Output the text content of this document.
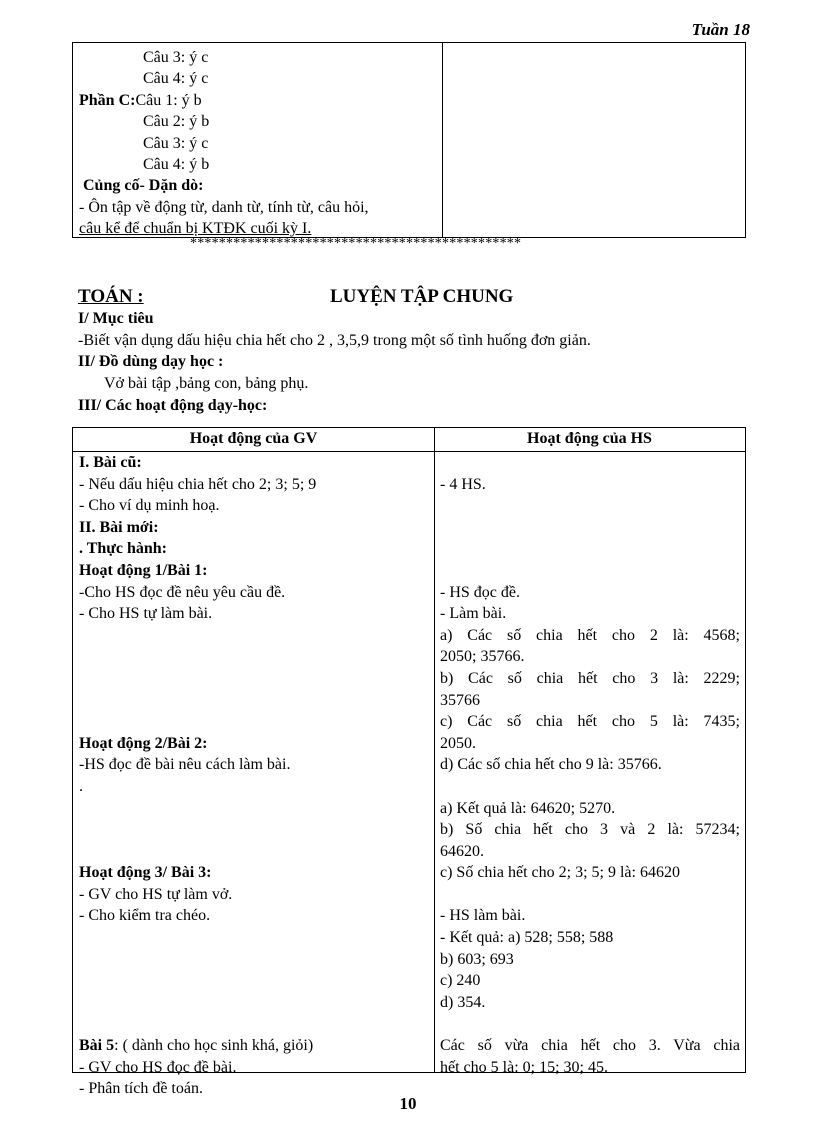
Tuần 18
Câu 3: ý c
Câu 4: ý c
Phần C:Câu 1: ý b
Câu 2: ý b
Câu 3: ý c
Câu 4: ý b
Củng cố- Dặn dò:
- Ôn tập về động từ, danh từ, tính từ, câu hỏi,
câu kể để chuẩn bị KTĐK cuối kỳ I.
**********************************************
TOÁN :	LUYỆN TẬP CHUNG
I/ Mục tiêu
-Biết vận dụng dấu hiệu chia hết cho 2 , 3,5,9 trong một số tình huống đơn giản.
II/ Đồ dùng dạy học :
Vở bài tập ,bảng con, bảng phụ.
III/ Các hoạt động dạy-học:
Hoạt động của GV	Hoạt động của HS
I. Bài cũ:
- Nếu dấu hiệu chia hết cho 2; 3; 5; 9
- Cho ví dụ minh hoạ.
II. Bài mới:
. Thực hành:
Hoạt động 1/Bài 1:
-Cho HS đọc đề nêu yêu cầu đề.
- Cho HS tự làm bài.
Hoạt động 2/Bài 2:
-HS đọc đề bài nêu cách làm bài.
.
Hoạt động 3/ Bài 3:
- GV cho HS tự làm vở.
- Cho kiểm tra chéo.
Bài 5: ( dành cho học sinh khá, giỏi)
- GV cho HS đọc đề bài.
- Phân tích đề toán.
- 4 HS.
- HS đọc đề.
- Làm bài.
a) Các số chia hết cho 2 là: 4568;
2050; 35766.
b) Các số chia hết cho 3 là: 2229;
35766
c) Các số chia hết cho 5 là: 7435;
2050.
d) Các số chia hết cho 9 là: 35766.
a) Kết quả là: 64620; 5270.
b) Số chia hết cho 3 và 2 là: 57234;
64620.
c) Số chia hết cho 2; 3; 5; 9 là: 64620
- HS làm bài.
- Kết quả: a) 528; 558; 588
b) 603; 693
c) 240
d) 354.
Các số vừa chia hết cho 3. Vừa chia
hết cho 5 là: 0; 15; 30; 45.
10
